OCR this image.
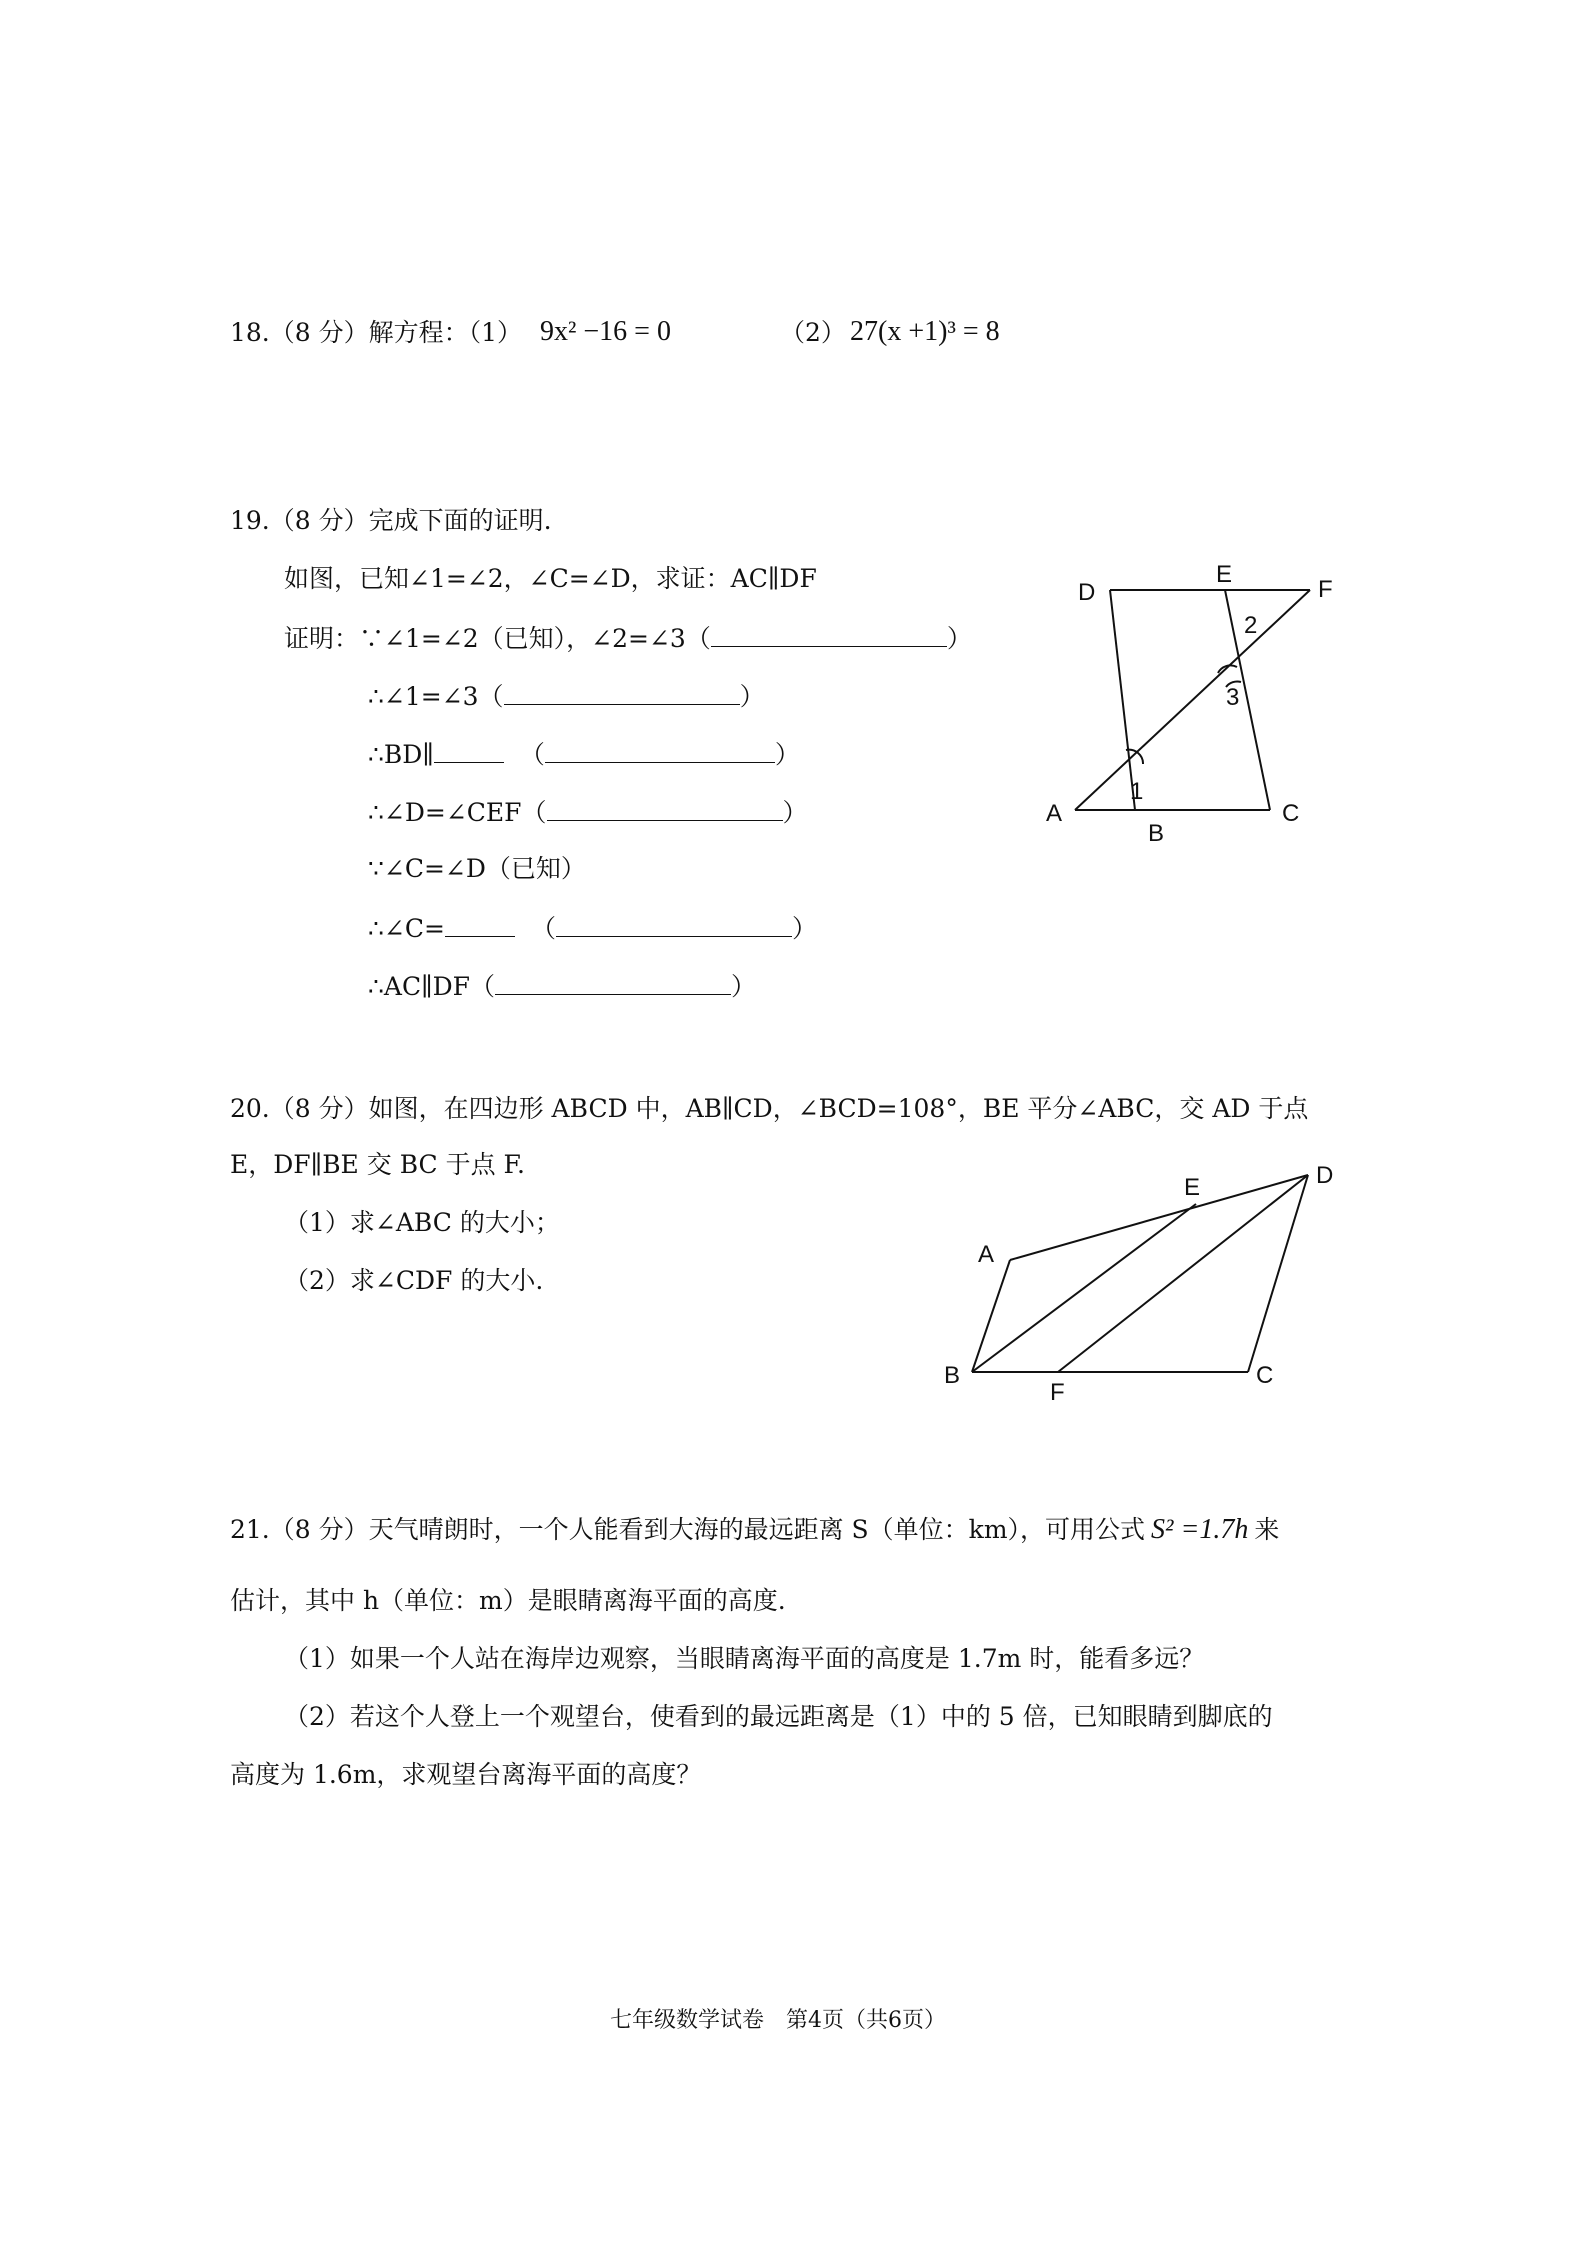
18.（8 分）解方程：（1） 9x² −16 = 0	（2） 27(x +1)³ = 8
19.（8 分）完成下面的证明.
如图，已知∠1=∠2，∠C=∠D，求证：AC∥DF
证明：∵∠1=∠2（已知），∠2=∠3（	）
∴∠1=∠3（	）
∴BD∥	（	）
∴∠D=∠CEF（	）
∵∠C=∠D（已知）
∴∠C=	（	）
∴AC∥DF（	）
D
E
F
A
B
C
1
2
3
20.（8 分）如图，在四边形 ABCD 中，AB∥CD，∠BCD=108°，BE 平分∠ABC，交 AD 于点
E，DF∥BE 交 BC 于点 F.
（1）求∠ABC 的大小；
（2）求∠CDF 的大小.
A
B	C
D
E
F
21.（8 分）天气晴朗时，一个人能看到大海的最远距离 S（单位：km），可用公式 S² =1.7h 来
估计，其中 h（单位：m）是眼睛离海平面的高度.
（1）如果一个人站在海岸边观察，当眼睛离海平面的高度是 1.7m 时，能看多远？
（2）若这个人登上一个观望台，使看到的最远距离是（1）中的 5 倍，已知眼睛到脚底的
高度为 1.6m，求观望台离海平面的高度？
七年级数学试卷　第4页（共6页）
